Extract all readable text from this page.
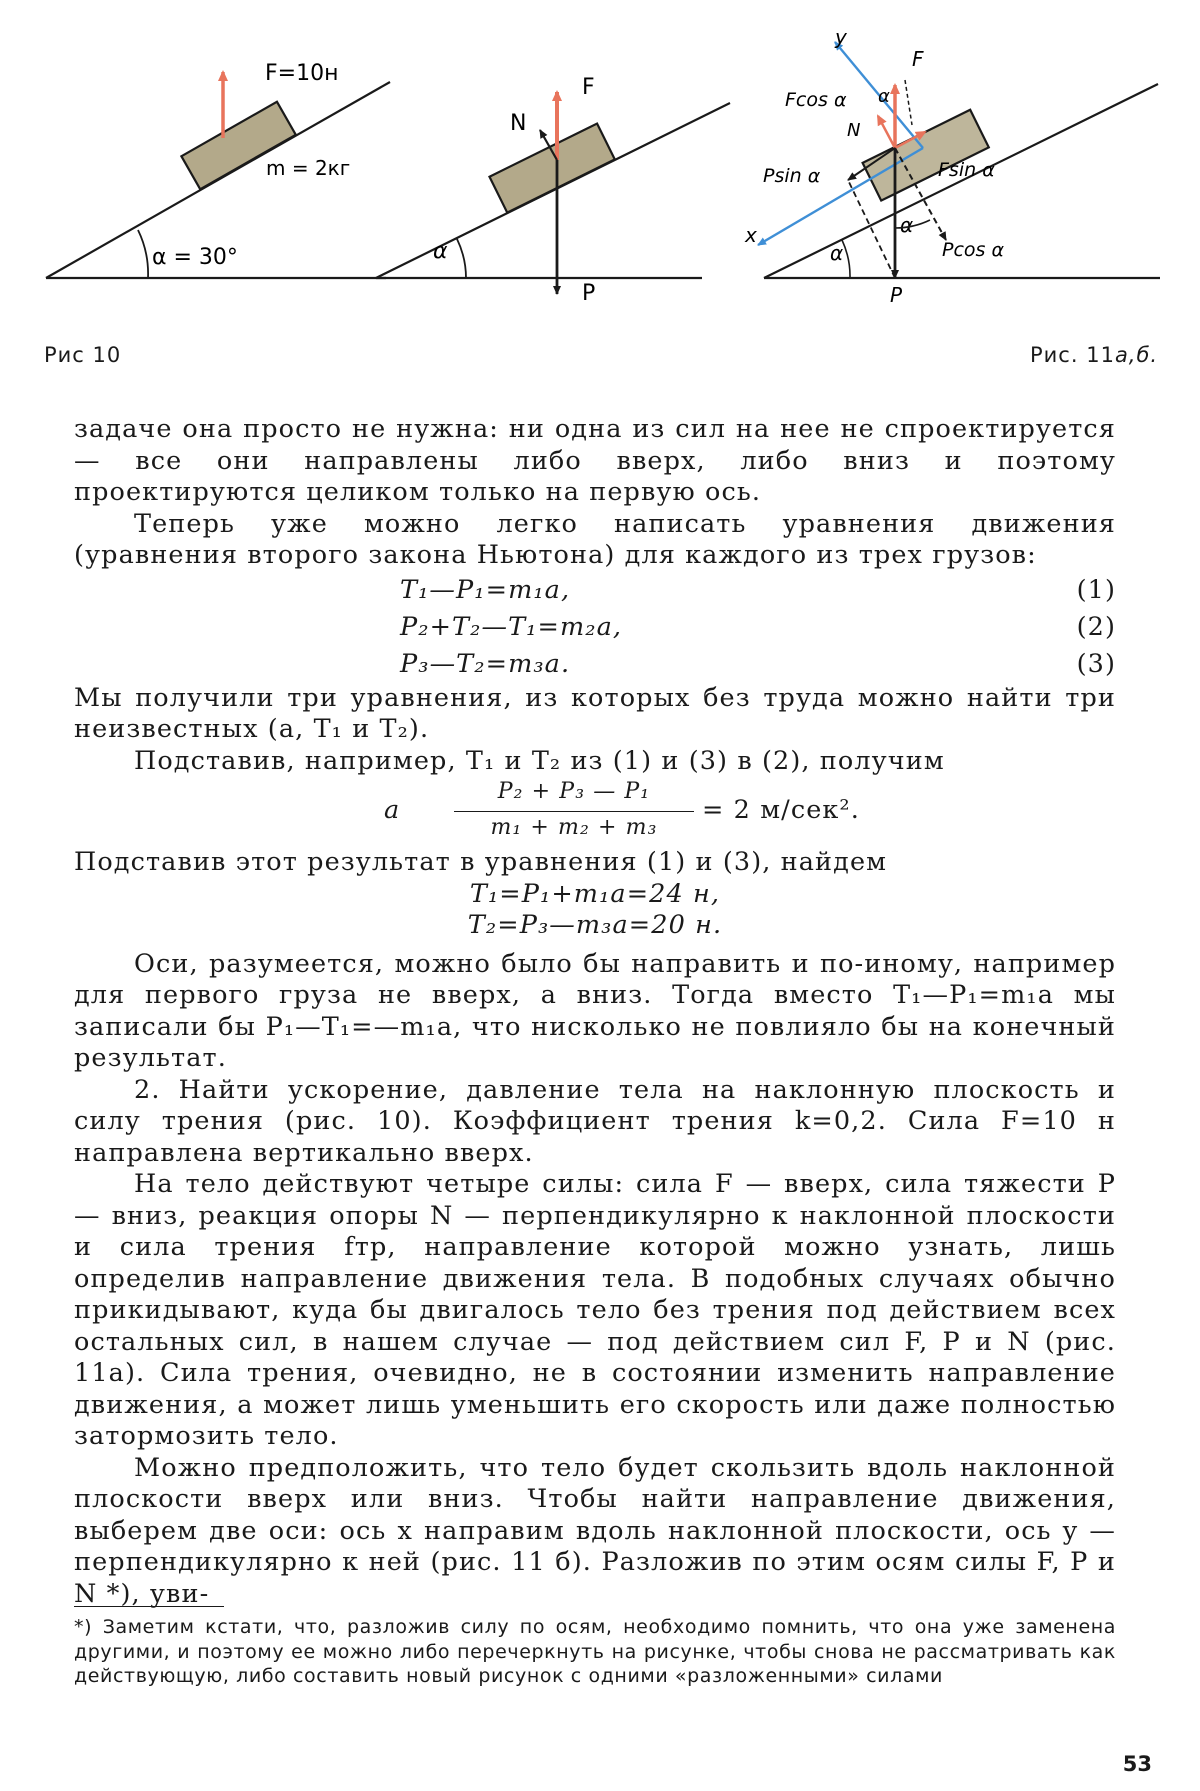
F=10н
m = 2кг
α = 30°
N
F
P
α
y
x
Fcos α α
F
N
Psin α	Fsin α
α
α	Pcos α
P
Рис 10	Рис. 11а,б.

задаче она просто не нужна: ни одна из сил на нее не спроектируется— все они направлены либо вверх, либо вниз и поэтому проектируются целиком только на первую ось.

Теперь уже можно легко написать уравнения движения (уравнения второго закона Ньютона) для каждого из трех грузов:

T₁—P₁=m₁a,	(1)
P₂+T₂—T₁=m₂a,	(2)
P₃—T₂=m₃a.	(3)

Мы получили три уравнения, из которых без труда можно найти три неизвестных (a, T₁ и T₂).

Подставив, например, T₁ и T₂ из (1) и (3) в (2), получим

a
P₂ + P₃ — P₁
m₁ + m₂ + m₃
= 2 м/сек².

Подставив этот результат в уравнения (1) и (3), найдем

T₁=P₁+m₁a=24 н,
T₂=P₃—m₃a=20 н.

Оси, разумеется, можно было бы направить и по-иному, например для первого груза не вверх, а вниз. Тогда вместо T₁—P₁=m₁a мы записали бы P₁—T₁=—m₁a, что нисколько не повлияло бы на конечный результат.

2. Найти ускорение, давление тела на наклонную плоскость и силу трения (рис. 10). Коэффициент трения k=0,2. Сила F=10 н направлена вертикально вверх.

На тело действуют четыре силы: сила F — вверх, сила тяжести P — вниз, реакция опоры N — перпендикулярно к наклонной плоскости и сила трения fтр, направление которой можно узнать, лишь определив направление движения тела. В подобных случаях обычно прикидывают, куда бы двигалось тело без трения под действием всех остальных сил, в нашем случае — под действием сил F, P и N (рис. 11а). Сила трения, очевидно, не в состоянии изменить направление движения, а может лишь уменьшить его скорость или даже полностью затормозить тело.

Можно предположить, что тело будет скользить вдоль наклонной плоскости вверх или вниз. Чтобы найти направление движения, выберем две оси: ось x направим вдоль наклонной плоскости, ось y — перпендикулярно к ней (рис. 11 б). Разложив по этим осям силы F, P и N *), уви-

*) Заметим кстати, что, разложив силу по осям, необходимо помнить, что она уже заменена другими, и поэтому ее можно либо перечеркнуть на рисунке, чтобы снова не рассматривать как действующую, либо составить новый рисунок с одними «разложенными» силами
53
